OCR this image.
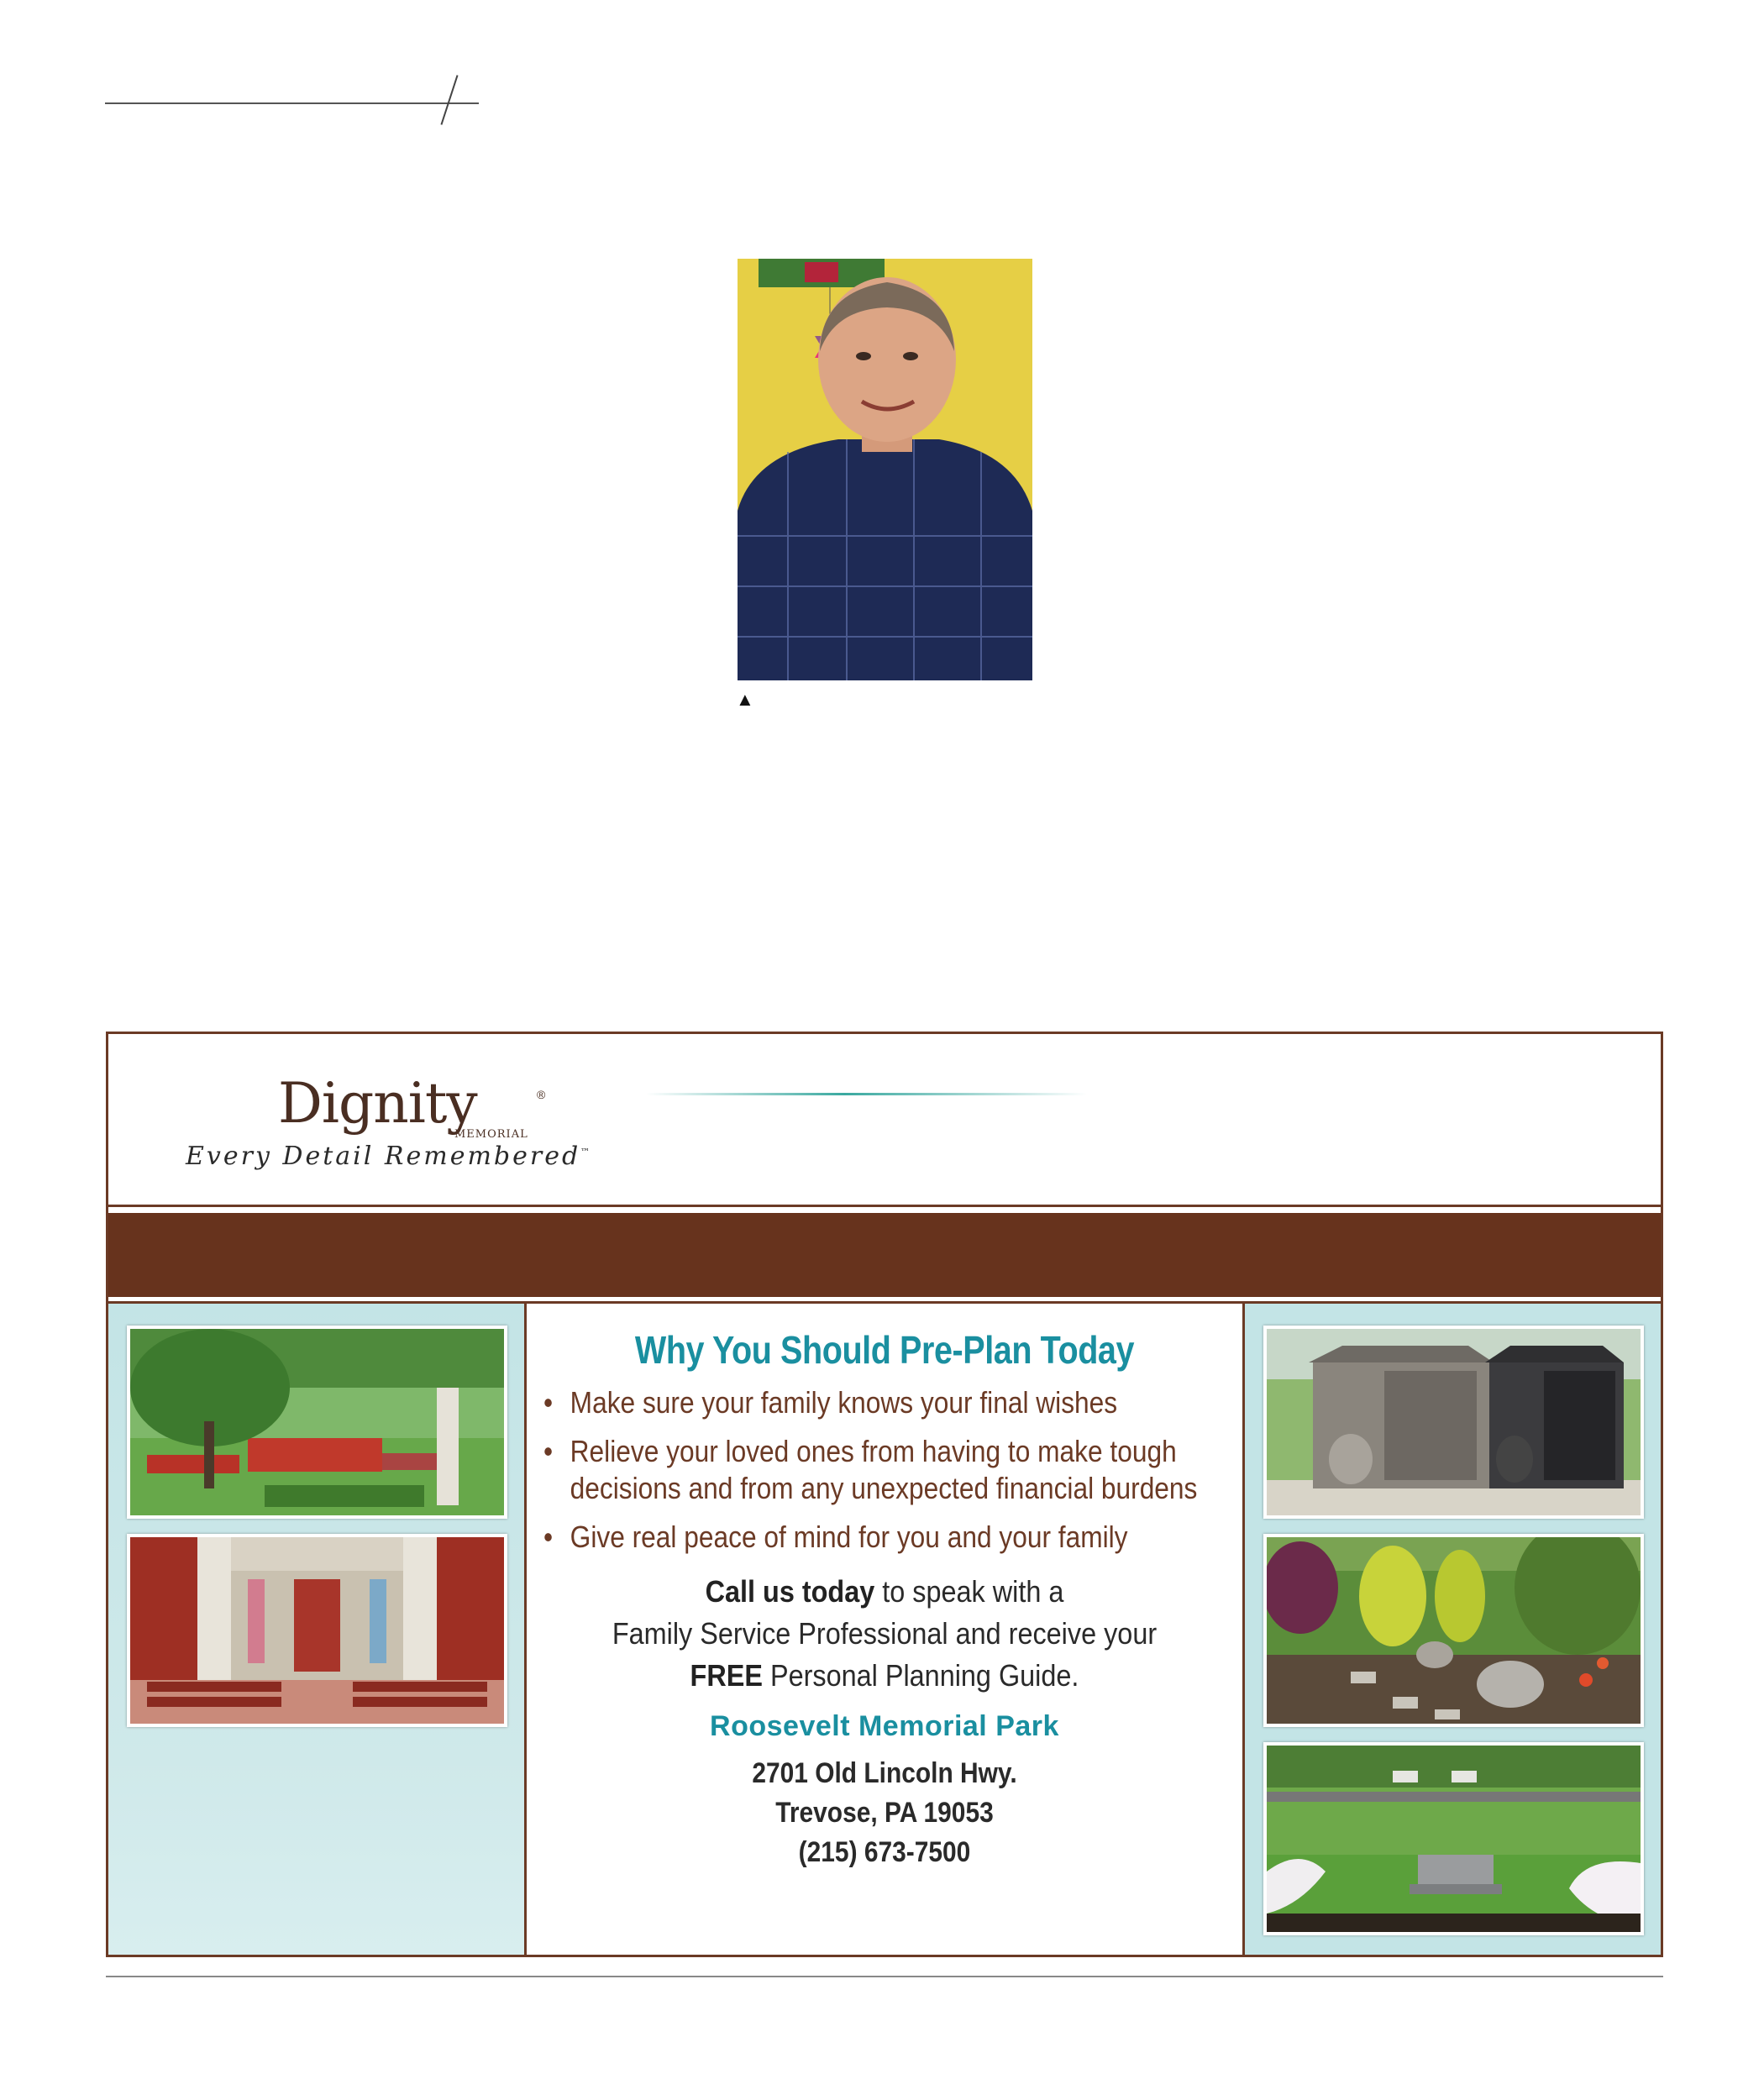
▲
Dignity	®
MEMORIAL
Every Detail Remembered™
Why You Should Pre-Plan Today
• Make sure your family knows your final wishes
• Relieve your loved ones from having to make tough decisions and from any unexpected financial burdens
• Give real peace of mind for you and your family
Call us today to speak with a
Family Service Professional and receive your
FREE Personal Planning Guide.
Roosevelt Memorial Park
2701 Old Lincoln Hwy.
Trevose, PA 19053
(215) 673-7500
